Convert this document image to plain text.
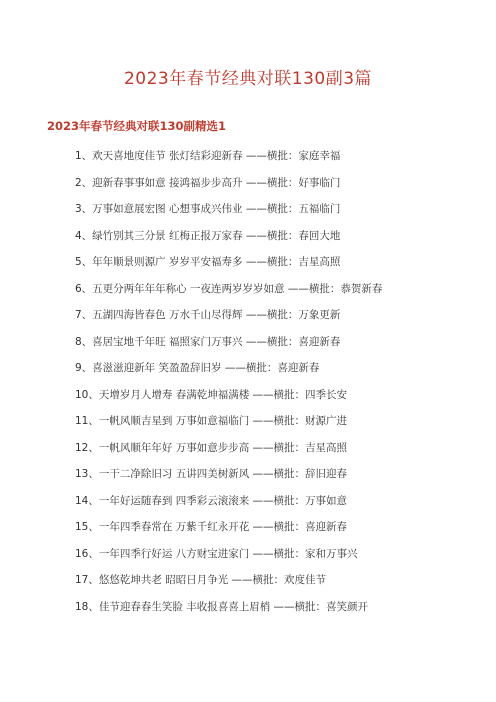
2023年春节经典对联130副3篇
2023年春节经典对联130副精选1
1、欢天喜地度佳节 张灯结彩迎新春 ——横批：家庭幸福
2、迎新春事事如意 接鸿福步步高升 ——横批：好事临门
3、万事如意展宏图 心想事成兴伟业 ——横批：五福临门
4、绿竹别其三分景 红梅正报万家春 ——横批：春回大地
5、年年顺景则源广 岁岁平安福寿多 ——横批：吉星高照
6、五更分两年年年称心 一夜连两岁岁岁如意 ——横批：恭贺新春
7、五湖四海皆春色 万水千山尽得辉 ——横批：万象更新
8、喜居宝地千年旺 福照家门万事兴 ——横批：喜迎新春
9、喜滋滋迎新年 笑盈盈辞旧岁 ——横批：喜迎新春
10、天增岁月人增寿 春满乾坤福满楼 ——横批：四季长安
11、一帆风顺吉星到 万事如意福临门 ——横批：财源广进
12、一帆风顺年年好 万事如意步步高 ——横批：吉星高照
13、一干二净除旧习 五讲四美树新风 ——横批：辞旧迎春
14、一年好运随春到 四季彩云滚滚来 ——横批：万事如意
15、一年四季春常在 万紫千红永开花 ——横批：喜迎新春
16、一年四季行好运 八方财宝进家门 ——横批：家和万事兴
17、悠悠乾坤共老 昭昭日月争光 ——横批：欢度佳节
18、佳节迎春春生笑脸 丰收报喜喜上眉梢 ——横批：喜笑颜开
